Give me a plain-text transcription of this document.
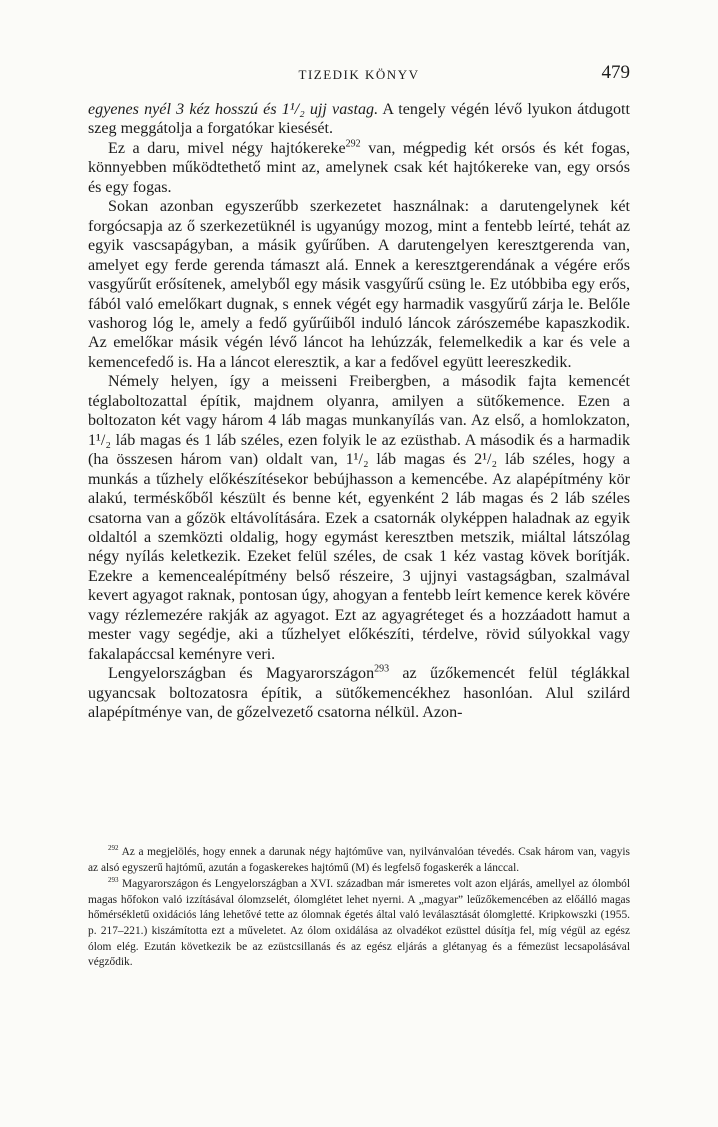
TIZEDIK KÖNYV	479

egyenes nyél 3 kéz hosszú és 1¹/₂ ujj vastag. A tengely végén lévő lyukon átdugott szeg meggátolja a forgatókar kiesését.

Ez a daru, mivel négy hajtókereke$^{292}$ van, mégpedig két orsós és két fogas, könnyebben működtethető mint az, amelynek csak két hajtókereke van, egy orsós és egy fogas.

Sokan azonban egyszerűbb szerkezetet használnak: a darutengelynek két forgócsapja az ő szerkezetüknél is ugyanúgy mozog, mint a fentebb leírté, tehát az egyik vascsapágyban, a másik gyűrűben. A darutengelyen keresztgerenda van, amelyet egy ferde gerenda támaszt alá. Ennek a keresztgerendának a végére erős vasgyűrűt erősítenek, amelyből egy másik vasgyűrű csüng le. Ez utóbbiba egy erős, fából való emelőkart dugnak, s ennek végét egy harmadik vasgyűrű zárja le. Belőle vashorog lóg le, amely a fedő gyűrűiből induló láncok zárószemébe kapaszkodik. Az emelőkar másik végén lévő láncot ha lehúzzák, felemelkedik a kar és vele a kemencefedő is. Ha a láncot eleresztik, a kar a fedővel együtt leereszkedik.

Némely helyen, így a meisseni Freibergben, a második fajta kemencét téglaboltozattal építik, majdnem olyanra, amilyen a sütőkemence. Ezen a boltozaton két vagy három 4 láb magas munkanyílás van. Az első, a homlokzaton, 1¹/₂ láb magas és 1 láb széles, ezen folyik le az ezüsthab. A második és a harmadik (ha összesen három van) oldalt van, 1¹/₂ láb magas és 2¹/₂ láb széles, hogy a munkás a tűzhely előkészítésekor bebújhasson a kemencébe. Az alapépítmény kör alakú, terméskőből készült és benne két, egyenként 2 láb magas és 2 láb széles csatorna van a gőzök eltávolítására. Ezek a csatornák olyképpen haladnak az egyik oldaltól a szemközti oldalig, hogy egymást keresztben metszik, miáltal látszólag négy nyílás keletkezik. Ezeket felül széles, de csak 1 kéz vastag kövek borítják. Ezekre a kemencealépítmény belső részeire, 3 ujjnyi vastagságban, szalmával kevert agyagot raknak, pontosan úgy, ahogyan a fentebb leírt kemence kerek kövére vagy rézlemezére rakják az agyagot. Ezt az agyagréteget és a hozzáadott hamut a mester vagy segédje, aki a tűzhelyet előkészíti, térdelve, rövid súlyokkal vagy fakalapáccsal keményre veri.

Lengyelországban és Magyarországon$^{293}$ az űzőkemencét felül téglákkal ugyancsak boltozatosra építik, a sütőkemencékhez hasonlóan. Alul szilárd alapépítménye van, de gőzelvezető csatorna nélkül. Azon-

$^{292}$ Az a megjelölés, hogy ennek a darunak négy hajtóműve van, nyilvánvalóan tévedés. Csak három van, vagyis az alsó egyszerű hajtómű, azután a fogaskerekes hajtómű (M) és legfelső fogaskerék a lánccal.

$^{293}$ Magyarországon és Lengyelországban a XVI. században már ismeretes volt azon eljárás, amellyel az ólomból magas hőfokon való izzításával ólomzselét, ólomglétet lehet nyerni. A „magyar” leűzőkemencében az előálló magas hőmérsékletű oxidációs láng lehetővé tette az ólomnak égetés által való leválasztását ólomgletté. Kripkowszki (1955. p. 217–221.) kiszámította ezt a műveletet. Az ólom oxidálása az olvadékot ezüsttel dúsítja fel, míg végül az egész ólom elég. Ezután következik be az ezüstcsillanás és az egész eljárás a glétanyag és a fémezüst lecsapolásával végződik.
